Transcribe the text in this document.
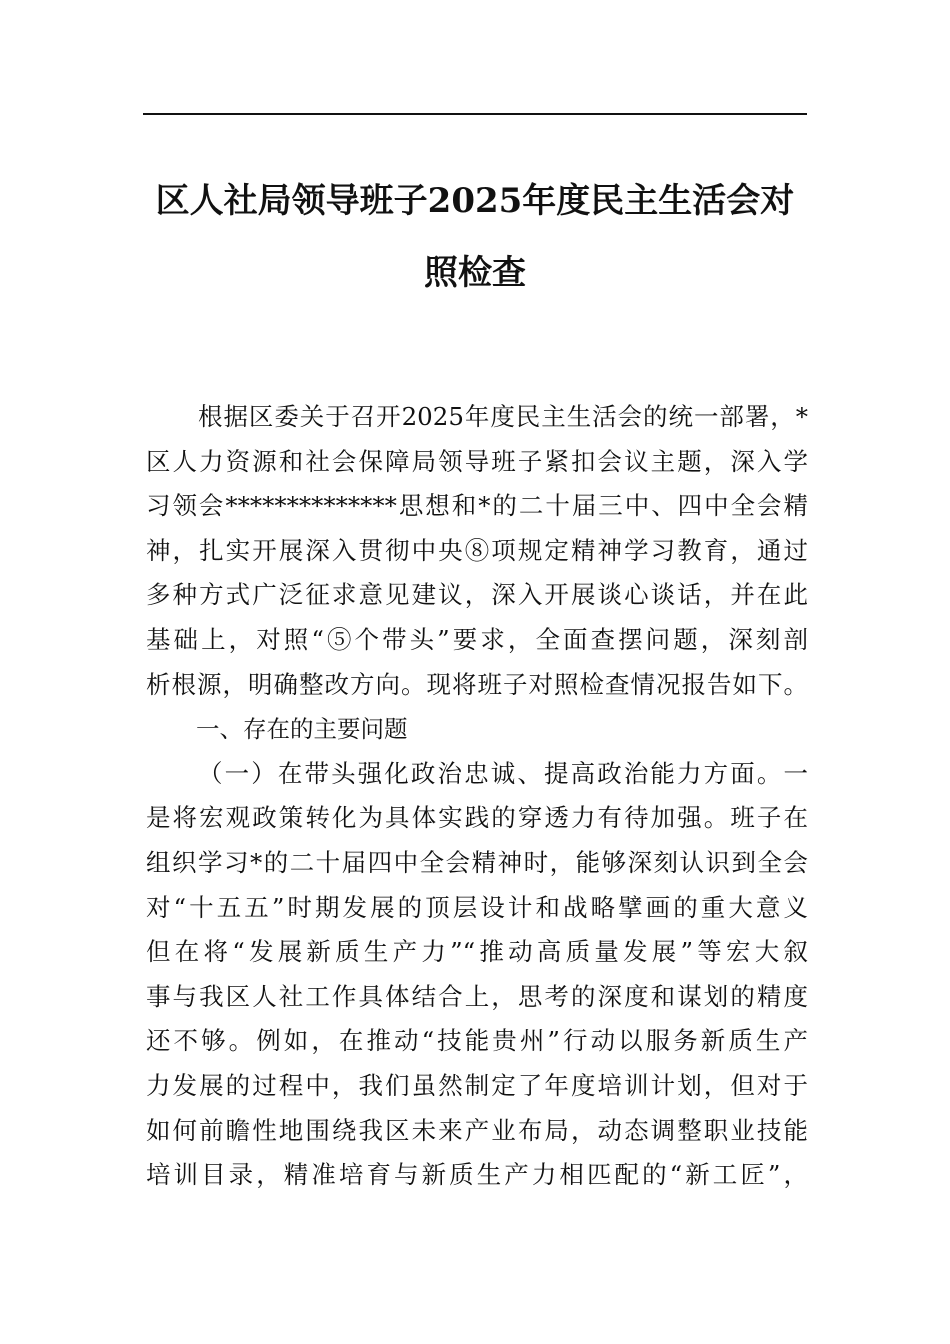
区人社局领导班子2025年度民主生活会对
照检查
根据区委关于召开2025年度民主生活会的统一部署，*
区人力资源和社会保障局领导班子紧扣会议主题，深入学
习领会**************思想和*的二十届三中、四中全会精
神，扎实开展深入贯彻中央⑧项规定精神学习教育，通过
多种方式广泛征求意见建议，深入开展谈心谈话，并在此
基础上，对照“⑤个带头”要求，全面查摆问题，深刻剖
析根源，明确整改方向。现将班子对照检查情况报告如下。
一、存在的主要问题
（一）在带头强化政治忠诚、提高政治能力方面。一
是将宏观政策转化为具体实践的穿透力有待加强。班子在
组织学习*的二十届四中全会精神时，能够深刻认识到全会
对“十五五”时期发展的顶层设计和战略擘画的重大意义
但在将“发展新质生产力”“推动高质量发展”等宏大叙
事与我区人社工作具体结合上，思考的深度和谋划的精度
还不够。例如，在推动“技能贵州”行动以服务新质生产
力发展的过程中，我们虽然制定了年度培训计划，但对于
如何前瞻性地围绕我区未来产业布局，动态调整职业技能
培训目录，精准培育与新质生产力相匹配的“新工匠”，
